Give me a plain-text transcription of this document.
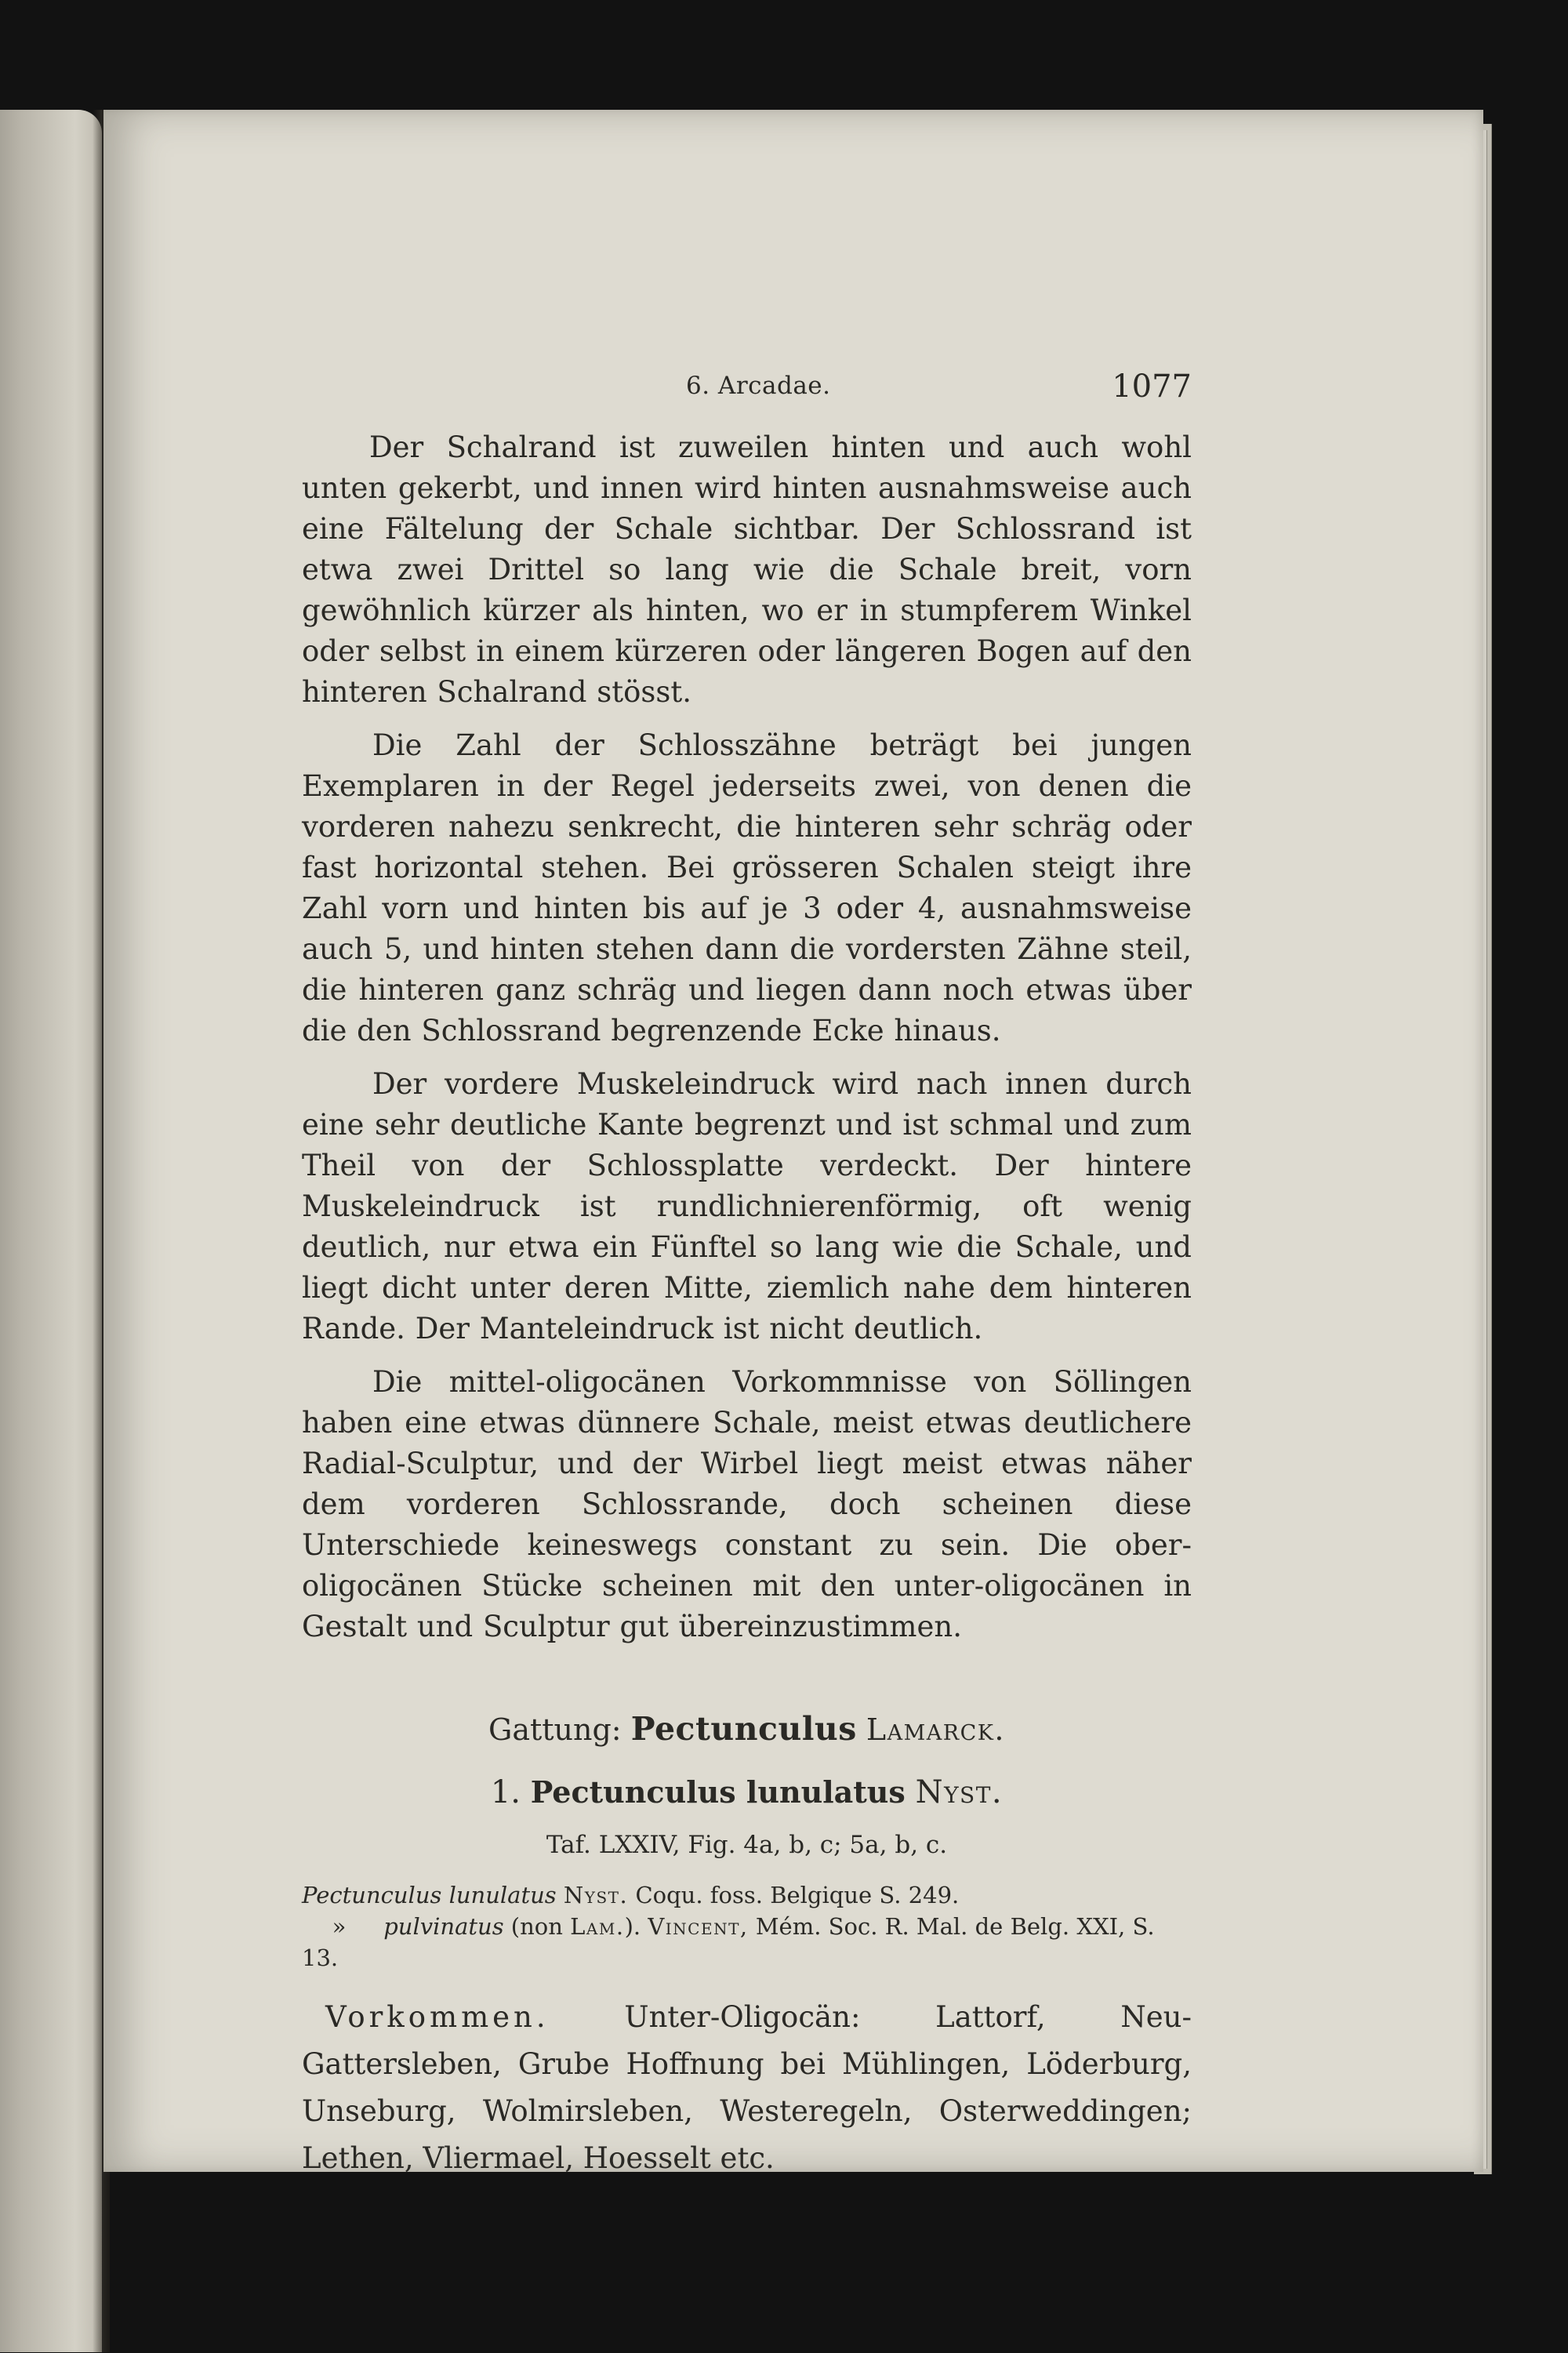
6. Arcadae.	1077

Der Schalrand ist zuweilen hinten und auch wohl unten gekerbt, und innen wird hinten ausnahmsweise auch eine Fältelung der Schale sichtbar. Der Schlossrand ist etwa zwei Drittel so lang wie die Schale breit, vorn gewöhnlich kürzer als hinten, wo er in stumpferem Winkel oder selbst in einem kürzeren oder längeren Bogen auf den hinteren Schalrand stösst.

Die Zahl der Schlosszähne beträgt bei jungen Exemplaren in der Regel jederseits zwei, von denen die vorderen nahezu senkrecht, die hinteren sehr schräg oder fast horizontal stehen. Bei grösseren Schalen steigt ihre Zahl vorn und hinten bis auf je 3 oder 4, ausnahmsweise auch 5, und hinten stehen dann die vordersten Zähne steil, die hinteren ganz schräg und liegen dann noch etwas über die den Schlossrand begrenzende Ecke hinaus.

Der vordere Muskeleindruck wird nach innen durch eine sehr deutliche Kante begrenzt und ist schmal und zum Theil von der Schlossplatte verdeckt. Der hintere Muskeleindruck ist rundlichnierenförmig, oft wenig deutlich, nur etwa ein Fünftel so lang wie die Schale, und liegt dicht unter deren Mitte, ziemlich nahe dem hinteren Rande. Der Manteleindruck ist nicht deutlich.

Die mittel-oligocänen Vorkommnisse von Söllingen haben eine etwas dünnere Schale, meist etwas deutlichere Radial-Sculptur, und der Wirbel liegt meist etwas näher dem vorderen Schlossrande, doch scheinen diese Unterschiede keineswegs constant zu sein. Die ober-oligocänen Stücke scheinen mit den unter-oligocänen in Gestalt und Sculptur gut übereinzustimmen.

Gattung: Pectunculus Lamarck.
1. Pectunculus lunulatus Nyst.
Taf. LXXIV, Fig. 4a, b, c; 5a, b, c.

Pectunculus lunulatus Nyst. Coqu. foss. Belgique S. 249.

» pulvinatus (non Lam.). Vincent, Mém. Soc. R. Mal. de Belg. XXI, S. 13.

Vorkommen.	Unter-Oligocän: Lattorf, Neu-Gattersleben, Grube Hoffnung bei Mühlingen, Löderburg, Unseburg, Wolmirsleben, Westeregeln, Osterweddingen; Lethen, Vliermael, Hoesselt etc.
